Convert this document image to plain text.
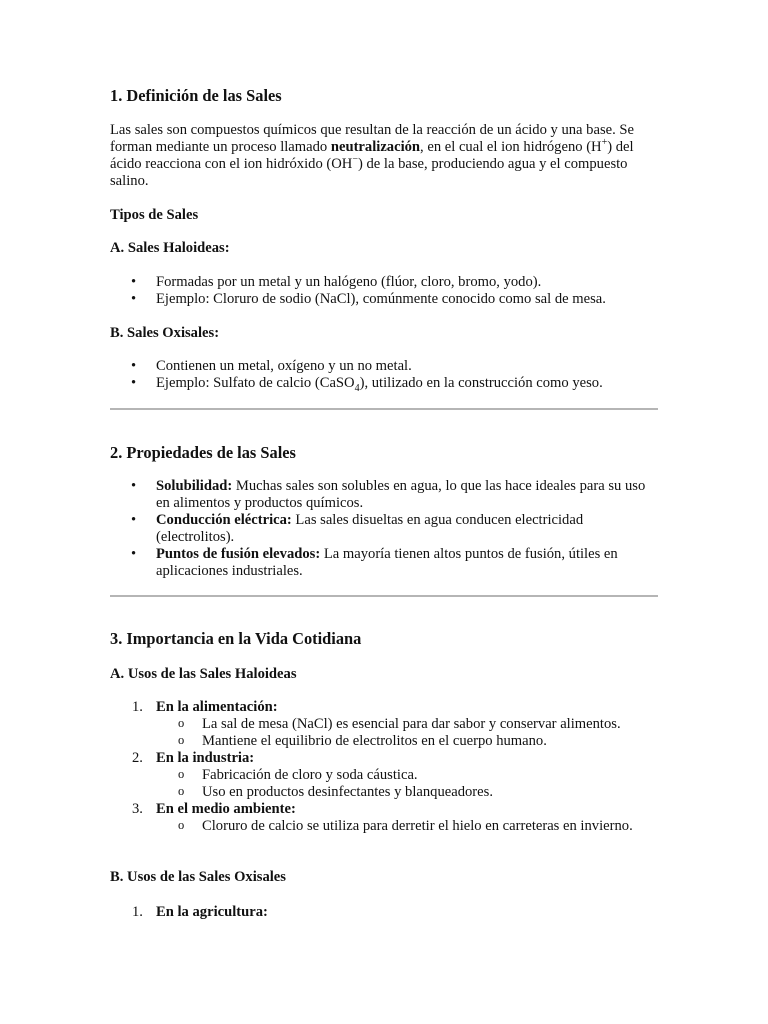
1. Definición de las Sales

Las sales son compuestos químicos que resultan de la reacción de un ácido y una base. Se forman mediante un proceso llamado neutralización, en el cual el ion hidrógeno (H+) del ácido reacciona con el ion hidróxido (OH−) de la base, produciendo agua y el compuesto salino.

Tipos de Sales

A. Sales Haloideas:

• Formadas por un metal y un halógeno (flúor, cloro, bromo, yodo).
• Ejemplo: Cloruro de sodio (NaCl), comúnmente conocido como sal de mesa.

B. Sales Oxisales:

• Contienen un metal, oxígeno y un no metal.
• Ejemplo: Sulfato de calcio (CaSO$_4$), utilizado en la construcción como yeso.
2. Propiedades de las Sales
• Solubilidad: Muchas sales son solubles en agua, lo que las hace ideales para su uso en alimentos y productos químicos.
• Conducción eléctrica: Las sales disueltas en agua conducen electricidad (electrolitos).
• Puntos de fusión elevados: La mayoría tienen altos puntos de fusión, útiles en aplicaciones industriales.
3. Importancia en la Vida Cotidiana

A. Usos de las Sales Haloideas

1. En la alimentación:
o La sal de mesa (NaCl) es esencial para dar sabor y conservar alimentos.
o Mantiene el equilibrio de electrolitos en el cuerpo humano.
2. En la industria:
o Fabricación de cloro y soda cáustica.
o Uso en productos desinfectantes y blanqueadores.
3. En el medio ambiente:
o Cloruro de calcio se utiliza para derretir el hielo en carreteras en invierno.

B. Usos de las Sales Oxisales

1. En la agricultura:
